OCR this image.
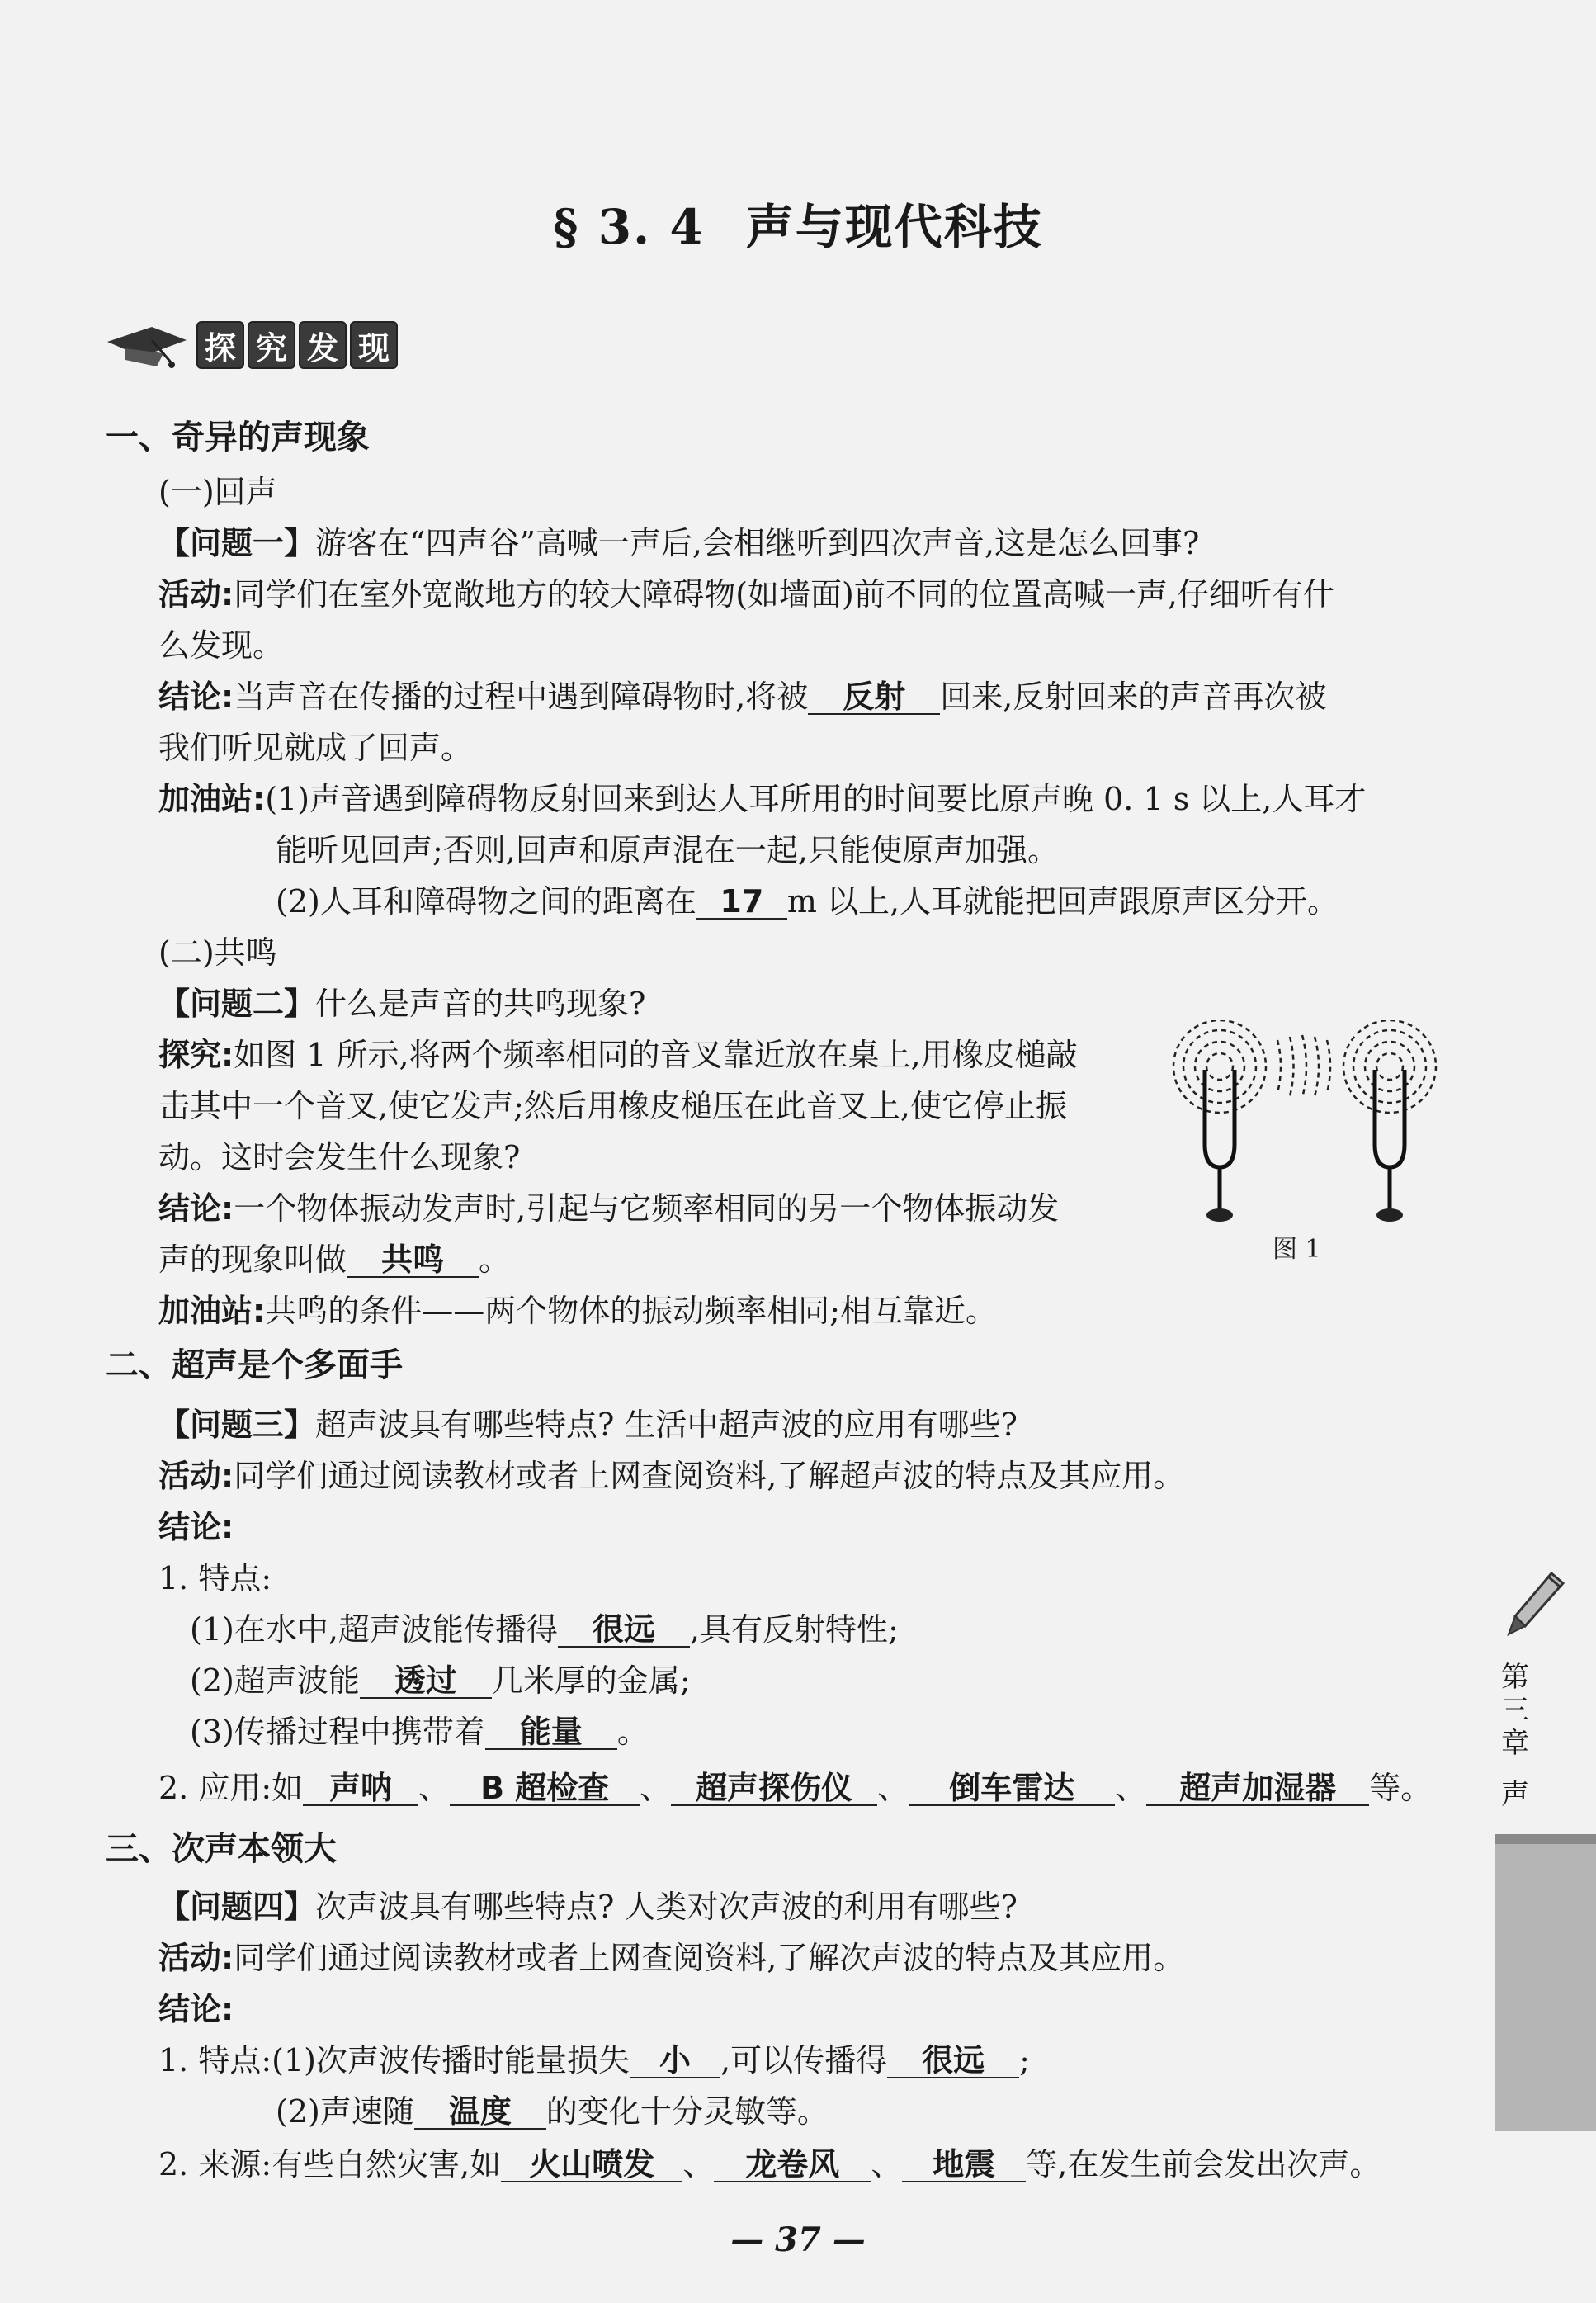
§ 3. 4 声与现代科技
探 究 发 现
一、奇异的声现象
(一)回声
【问题一】游客在“四声谷”高喊一声后,会相继听到四次声音,这是怎么回事?
活动:同学们在室外宽敞地方的较大障碍物(如墙面)前不同的位置高喊一声,仔细听有什
么发现。
结论:当声音在传播的过程中遇到障碍物时,将被 反射 回来,反射回来的声音再次被
我们听见就成了回声。
加油站:(1)声音遇到障碍物反射回来到达人耳所用的时间要比原声晚 0. 1 s 以上,人耳才
能听见回声;否则,回声和原声混在一起,只能使原声加强。
(2)人耳和障碍物之间的距离在 17 m 以上,人耳就能把回声跟原声区分开。
(二)共鸣
【问题二】什么是声音的共鸣现象?
探究:如图 1 所示,将两个频率相同的音叉靠近放在桌上,用橡皮槌敲
击其中一个音叉,使它发声;然后用橡皮槌压在此音叉上,使它停止振
动。这时会发生什么现象?
结论:一个物体振动发声时,引起与它频率相同的另一个物体振动发
声的现象叫做 共鸣 。	图 1
加油站:共鸣的条件——两个物体的振动频率相同;相互靠近。
二、超声是个多面手
【问题三】超声波具有哪些特点? 生活中超声波的应用有哪些?
活动:同学们通过阅读教材或者上网查阅资料,了解超声波的特点及其应用。
结论:
1. 特点:
(1)在水中,超声波能传播得 很远 ,具有反射特性;
(2)超声波能 透过 几米厚的金属;
(3)传播过程中携带着 能量 。
2. 应用:如 声呐 、 B 超检查 、 超声探伤仪 、 倒车雷达 、 超声加湿器 等。
三、次声本领大
【问题四】次声波具有哪些特点? 人类对次声波的利用有哪些?
活动:同学们通过阅读教材或者上网查阅资料,了解次声波的特点及其应用。
结论:
1. 特点:(1)次声波传播时能量损失 小 ,可以传播得 很远 ;
(2)声速随 温度 的变化十分灵敏等。
2. 来源:有些自然灾害,如 火山喷发 、 龙卷风 、 地震 等,在发生前会发出次声。
第
三
章
声
— 37 —
